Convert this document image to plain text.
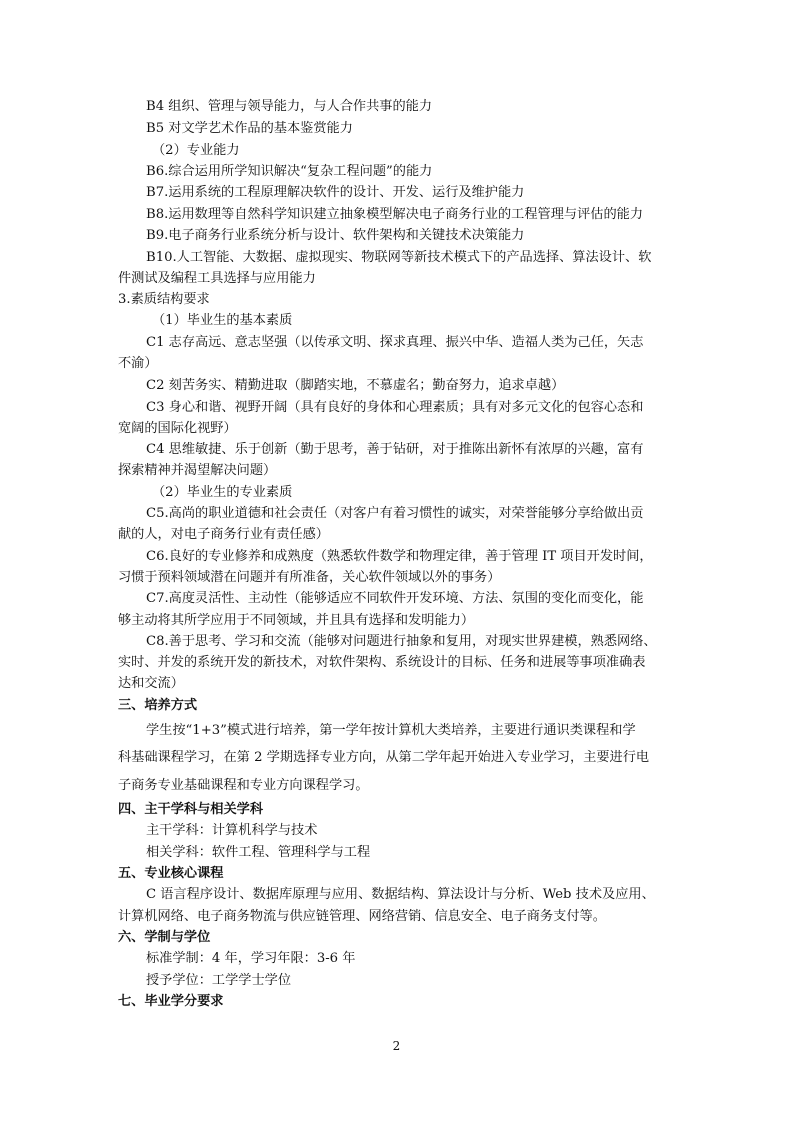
B4 组织、管理与领导能力，与人合作共事的能力
B5 对文学艺术作品的基本鉴赏能力
（2）专业能力
B6.综合运用所学知识解决“复杂工程问题”的能力
B7.运用系统的工程原理解决软件的设计、开发、运行及维护能力
B8.运用数理等自然科学知识建立抽象模型解决电子商务行业的工程管理与评估的能力
B9.电子商务行业系统分析与设计、软件架构和关键技术决策能力
B10.人工智能、大数据、虚拟现实、物联网等新技术模式下的产品选择、算法设计、软
件测试及编程工具选择与应用能力
3.素质结构要求
（1）毕业生的基本素质
C1 志存高远、意志坚强（以传承文明、探求真理、振兴中华、造福人类为己任，矢志
不渝）
C2 刻苦务实、精勤进取（脚踏实地，不慕虚名；勤奋努力，追求卓越）
C3 身心和谐、视野开阔（具有良好的身体和心理素质；具有对多元文化的包容心态和
宽阔的国际化视野）
C4 思维敏捷、乐于创新（勤于思考，善于钻研，对于推陈出新怀有浓厚的兴趣，富有
探索精神并渴望解决问题）
（2）毕业生的专业素质
C5.高尚的职业道德和社会责任（对客户有着习惯性的诚实，对荣誉能够分享给做出贡
献的人，对电子商务行业有责任感）
C6.良好的专业修养和成熟度（熟悉软件数学和物理定律，善于管理 IT 项目开发时间，
习惯于预料领域潜在问题并有所准备，关心软件领域以外的事务）
C7.高度灵活性、主动性（能够适应不同软件开发环境、方法、氛围的变化而变化，能
够主动将其所学应用于不同领域，并且具有选择和发明能力）
C8.善于思考、学习和交流（能够对问题进行抽象和复用，对现实世界建模，熟悉网络、
实时、并发的系统开发的新技术，对软件架构、系统设计的目标、任务和进展等事项准确表
达和交流）
三、培养方式
学生按“1+3”模式进行培养，第一学年按计算机大类培养，主要进行通识类课程和学
科基础课程学习，在第 2 学期选择专业方向，从第二学年起开始进入专业学习，主要进行电
子商务专业基础课程和专业方向课程学习。
四、主干学科与相关学科
主干学科：计算机科学与技术
相关学科：软件工程、管理科学与工程
五、专业核心课程
C 语言程序设计、数据库原理与应用、数据结构、算法设计与分析、Web 技术及应用、
计算机网络、电子商务物流与供应链管理、网络营销、信息安全、电子商务支付等。
六、学制与学位
标准学制：4 年，学习年限：3-6 年
授予学位：工学学士学位
七、毕业学分要求
2
